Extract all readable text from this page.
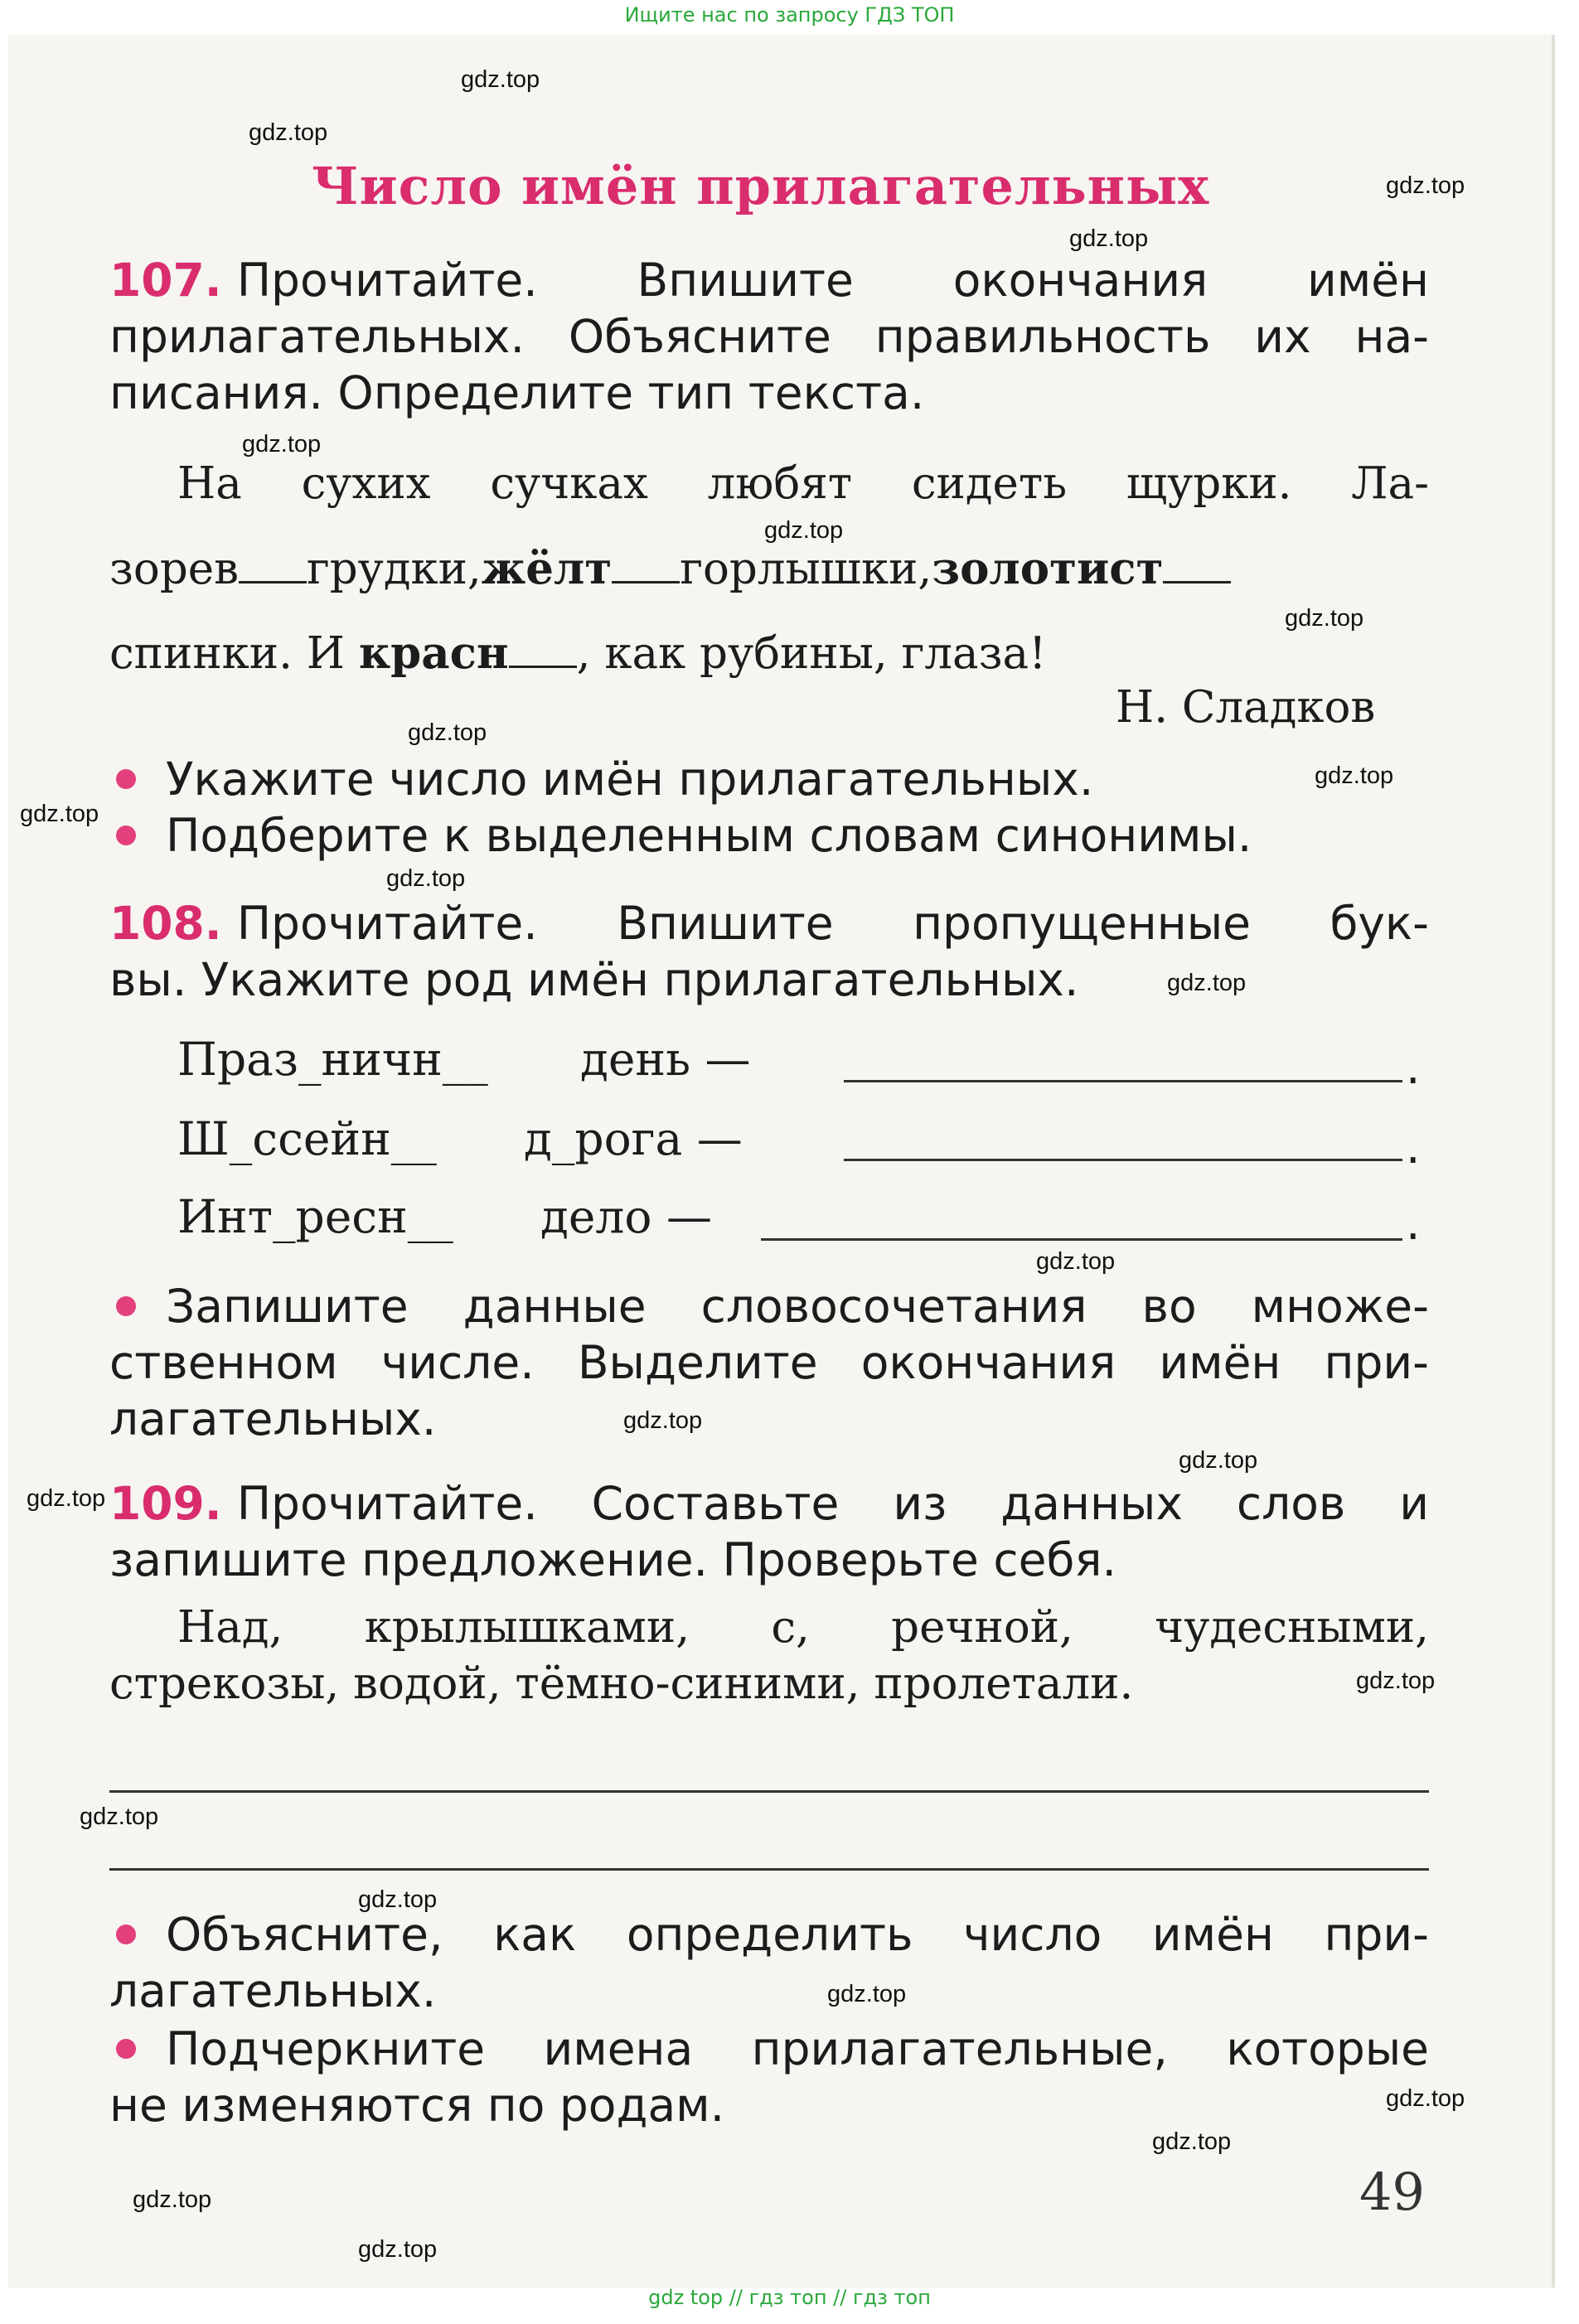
Ищите нас по запросу ГДЗ ТОП
Число имён прилагательных
107. Прочитайте. Впишите окончания имён
прилагательных. Объясните правильность их на-
писания. Определите тип текста.
На сухих сучках любят сидеть щурки. Ла-
зорев грудки,жёлт горлышки,золотист
спинки. И красн , как рубины, глаза!
Н. Сладков
Укажите число имён прилагательных.
Подберите к выделенным словам синонимы.
108. Прочитайте. Впишите пропущенные бук-
вы. Укажите род имён прилагательных.
Праз_ничн__ день —
Ш_ссейн__ д_рога —
Инт_ресн__ дело —	.
.
.
Запишите данные словосочетания во множе-
ственном числе. Выделите окончания имён при-
лагательных.
109. Прочитайте. Составьте из данных слов и
запишите предложение. Проверьте себя.
Над, крылышками, с, речной, чудесными,
стрекозы, водой, тёмно-синими, пролетали.
Объясните, как определить число имён при-
лагательных.
Подчеркните имена прилагательные, которые
не изменяются по родам.
49
gdz.top
gdz.top
gdz.top
gdz.top
gdz.top
gdz.top
gdz.top
gdz.top
gdz.top
gdz.top
gdz.top
gdz.top
gdz.top
gdz.top
gdz.top
gdz.top
gdz.top
gdz.top
gdz.top
gdz.top
gdz.top
gdz.top
gdz.top
gdz.top
gdz top // гдз топ // гдз топ
